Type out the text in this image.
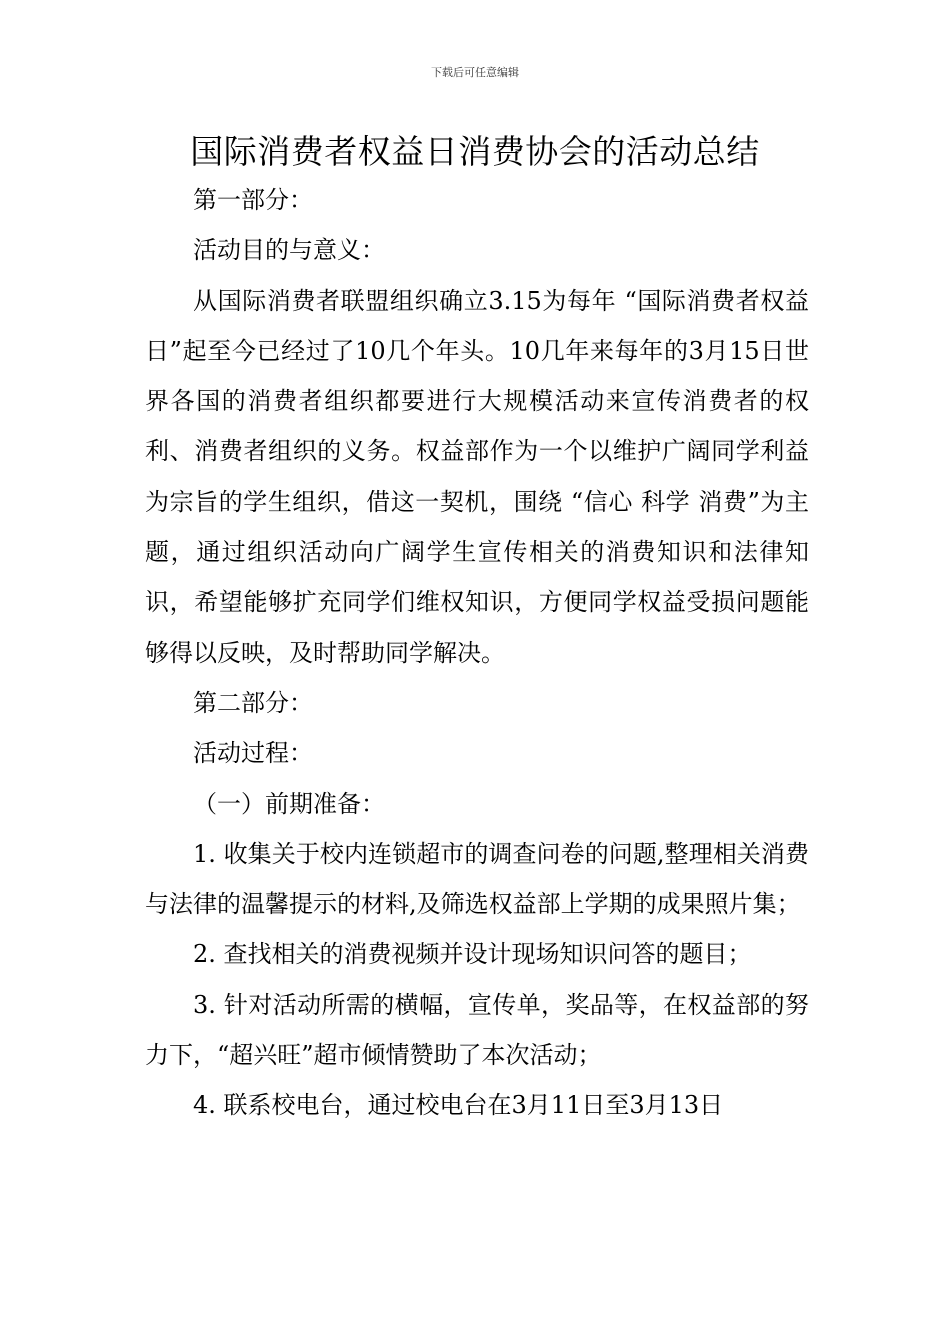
下载后可任意编辑
国际消费者权益日消费协会的活动总结

第一部分：

活动目的与意义：

从国际消费者联盟组织确立3.15为每年 “国际消费者权益日”起至今已经过了10几个年头。10几年来每年的3月15日世界各国的消费者组织都要进行大规模活动来宣传消费者的权利、消费者组织的义务。权益部作为一个以维护广阔同学利益为宗旨的学生组织，借这一契机，围绕 “信心 科学 消费”为主题，通过组织活动向广阔学生宣传相关的消费知识和法律知识，希望能够扩充同学们维权知识，方便同学权益受损问题能够得以反映，及时帮助同学解决。

第二部分：

活动过程：

（一）前期准备：

1. 收集关于校内连锁超市的调查问卷的问题,整理相关消费与法律的温馨提示的材料,及筛选权益部上学期的成果照片集；

2. 查找相关的消费视频并设计现场知识问答的题目；

3. 针对活动所需的横幅，宣传单，奖品等，在权益部的努力下，“超兴旺”超市倾情赞助了本次活动；

4. 联系校电台，通过校电台在3月11日至3月13日
